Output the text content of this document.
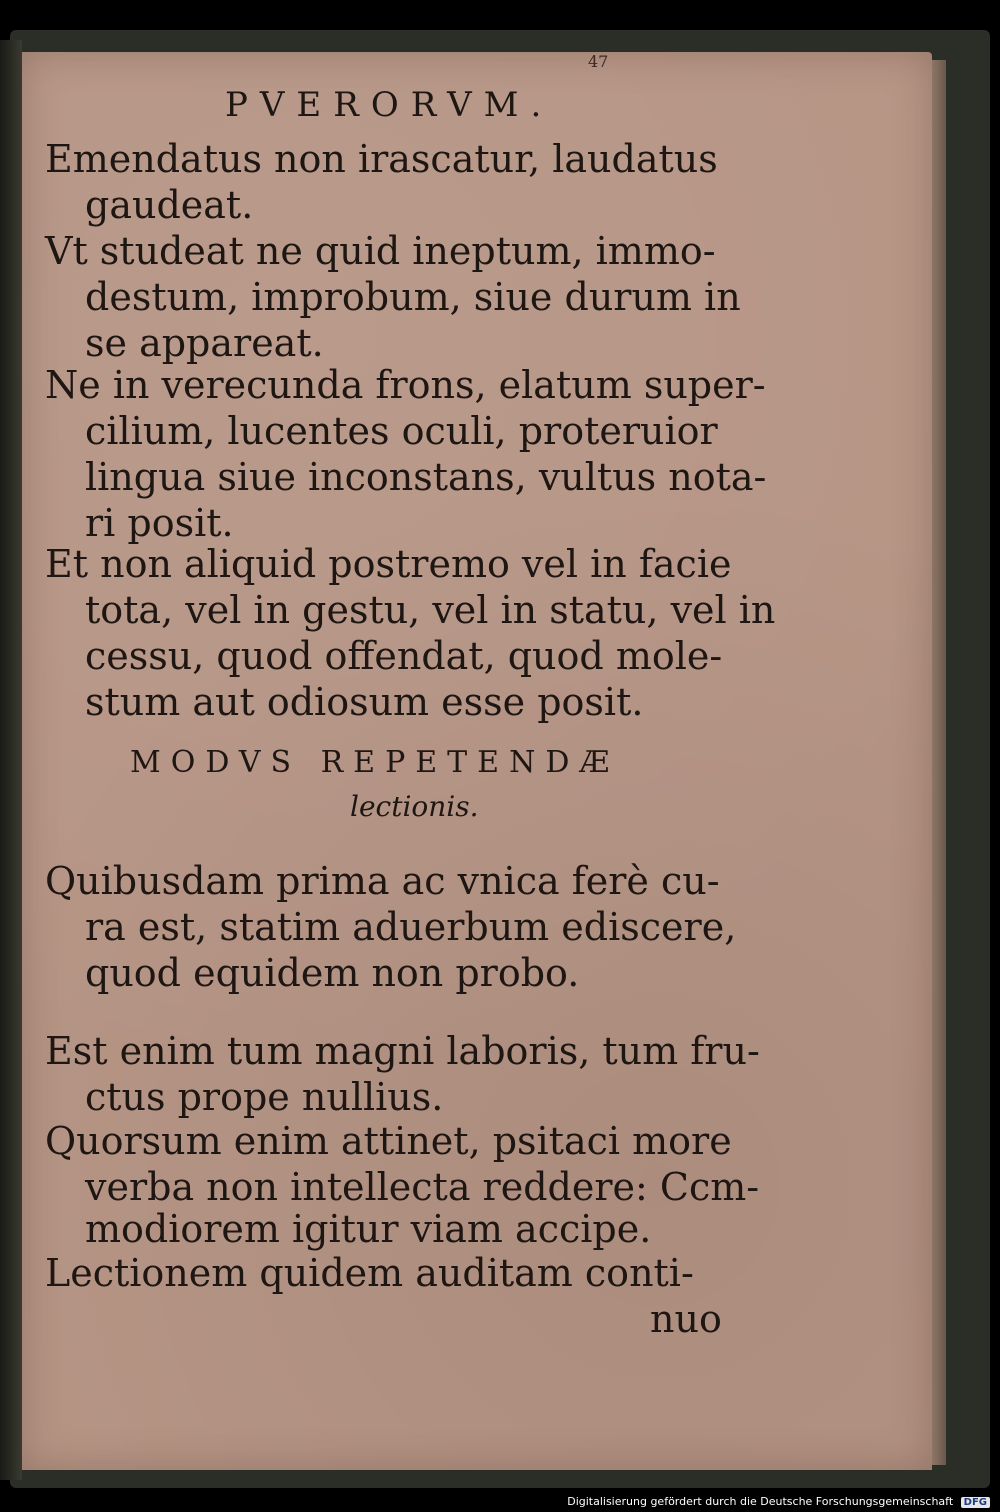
47
PVERORVM.
Emendatus non irascatur, laudatus
gaudeat.
Vt studeat ne quid ineptum, immo-
destum, improbum, siue durum in
se appareat.
Ne in verecunda frons, elatum super-
cilium, lucentes oculi, proteruior
lingua siue inconstans, vultus nota-
ri posit.
Et non aliquid postremo vel in facie
tota, vel in gestu, vel in statu, vel in
cessu, quod offendat, quod mole-
stum aut odiosum esse posit.
MODVS REPETENDÆ
lectionis.
Quibusdam prima ac vnica ferè cu-
ra est, statim aduerbum ediscere,
quod equidem non probo.
Est enim tum magni laboris, tum fru-
ctus prope nullius.
Quorsum enim attinet, psitaci more
verba non intellecta reddere: Ccm-
modiorem igitur viam accipe.
Lectionem quidem auditam conti-
nuo
Digitalisierung gefördert durch die Deutsche Forschungsgemeinschaft DFG
